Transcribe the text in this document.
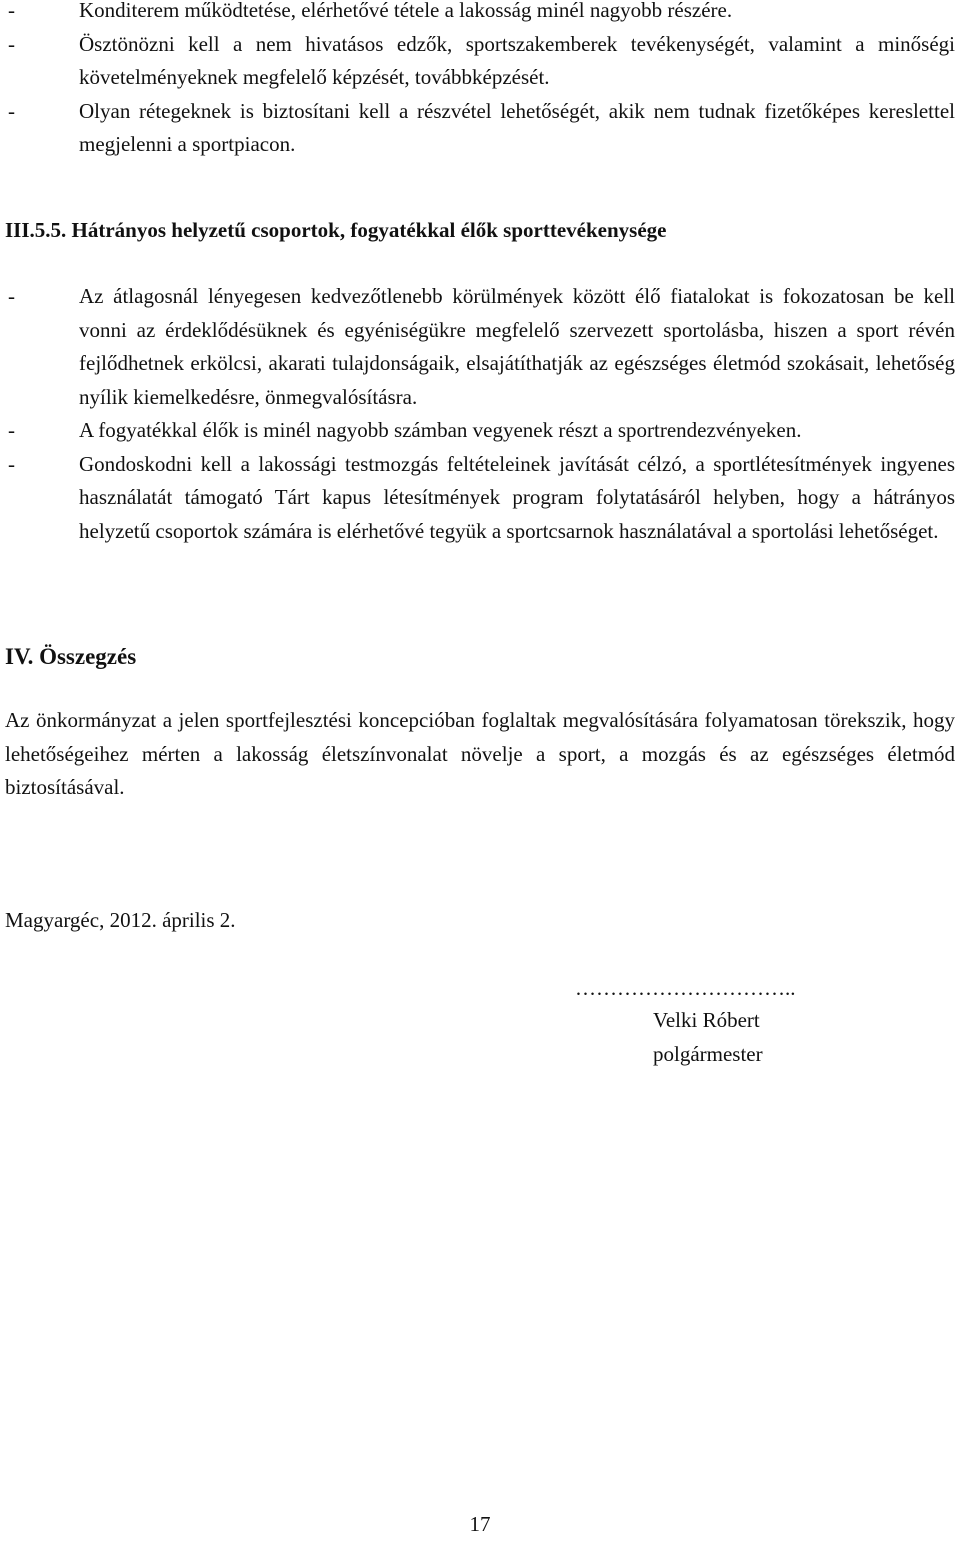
-	Konditerem működtetése, elérhetővé tétele a lakosság minél nagyobb részére.
-	Ösztönözni kell a nem hivatásos edzők, sportszakemberek tevékenységét, valamint a minőségi követelményeknek megfelelő képzését, továbbképzését.
-	Olyan rétegeknek is biztosítani kell a részvétel lehetőségét, akik nem tudnak fizetőképes kereslettel megjelenni a sportpiacon.
III.5.5. Hátrányos helyzetű csoportok, fogyatékkal élők sporttevékenysége
-	Az átlagosnál lényegesen kedvezőtlenebb körülmények között élő fiatalokat is fokozatosan be kell vonni az érdeklődésüknek és egyéniségükre megfelelő szervezett sportolásba, hiszen a sport révén fejlődhetnek erkölcsi, akarati tulajdonságaik, elsajátíthatják az egészséges életmód szokásait, lehetőség nyílik kiemelkedésre, önmegvalósításra.
-	A fogyatékkal élők is minél nagyobb számban vegyenek részt a sportrendezvényeken.
-	Gondoskodni kell a lakossági testmozgás feltételeinek javítását célzó, a sportlétesítmények ingyenes használatát támogató Tárt kapus létesítmények program folytatásáról helyben, hogy a hátrányos helyzetű csoportok számára is elérhetővé tegyük a sportcsarnok használatával a sportolási lehetőséget.
IV. Összegzés

Az önkormányzat a jelen sportfejlesztési koncepcióban foglaltak megvalósítására folyamatosan törekszik, hogy lehetőségeihez mérten a lakosság életszínvonalat növelje a sport, a mozgás és az egészséges életmód biztosításával.

Magyargéc, 2012. április 2.
…………………………..
Velki Róbert
polgármester
17
